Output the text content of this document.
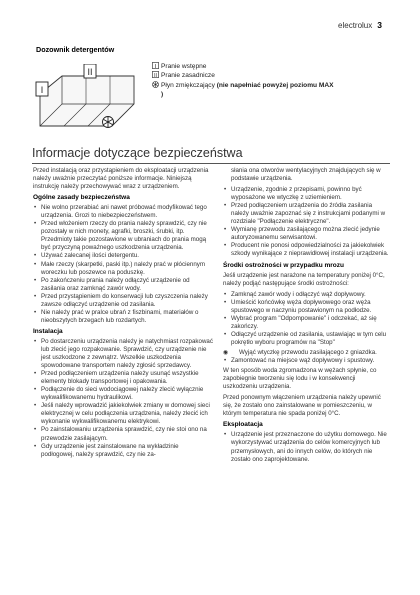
electrolux 3
Dozownik detergentów
I
II
I Pranie wstępne
II Pranie zasadnicze
Płyn zmiękczający (nie napełniać powyżej poziomu MAX
)
Informacje dotyczące bezpieczeństwa

Przed instalacją oraz przystąpieniem do eksploatacji urządzenia należy uważnie przeczytać poniższe informacje. Niniejszą instrukcję należy przechowywać wraz z urządzeniem.

Ogólne zasady bezpieczeństwa
• Nie wolno przerabiać ani nawet próbować modyfikować tego urządzenia. Grozi to niebezpieczeństwem.
• Przed włożeniem rzeczy do prania należy sprawdzić, czy nie pozostały w nich monety, agrafki, broszki, śrubki, itp. Przedmioty takie pozostawione w ubraniach do prania mogą być przyczyną poważnego uszkodzenia urządzenia.
• Używać zalecanej ilości detergentu.
• Małe rzeczy (skarpetki, paski itp.) należy prać w płóciennym woreczku lub poszewce na poduszkę.
• Po zakończeniu prania należy odłączyć urządzenie od zasilania oraz zamknąć zawór wody.
• Przed przystąpieniem do konserwacji lub czyszczenia należy zawsze odłączyć urządzenie od zasilania.
• Nie należy prać w pralce ubrań z fiszbinami, materiałów o nieobszytych brzegach lub rozdartych.
Instalacja
• Po dostarczeniu urządzenia należy je natychmiast rozpakować lub zlecić jego rozpakowanie. Sprawdzić, czy urządzenie nie jest uszkodzone z zewnątrz. Wszelkie uszkodzenia spowodowane transportem należy zgłosić sprzedawcy.
• Przed podłączeniem urządzenia należy usunąć wszystkie elementy blokady transportowej i opakowania.
• Podłączenie do sieci wodociągowej należy zlecić wyłącznie wykwalifikowanemu hydraulikowi.
• Jeśli należy wprowadzić jakiekolwiek zmiany w domowej sieci elektrycznej w celu podłączenia urządzenia, należy zlecić ich wykonanie wykwalifikowanemu elektrykowi.
• Po zainstalowaniu urządzenia sprawdzić, czy nie stoi ono na przewodzie zasilającym.
• Gdy urządzenie jest zainstalowane na wykładzinie podłogowej, należy sprawdzić, czy nie za-

słania ona otworów wentylacyjnych znajdujących się w podstawie urządzenia.

• Urządzenie, zgodnie z przepisami, powinno być wyposażone we wtyczkę z uziemieniem.
• Przed podłączeniem urządzenia do źródła zasilania należy uważnie zapoznać się z instrukcjami podanymi w rozdziale "Podłączenie elektryczne".
• Wymianę przewodu zasilającego można zlecić jedynie autoryzowanemu serwisantowi.
• Producent nie ponosi odpowiedzialności za jakiekolwiek szkody wynikające z nieprawidłowej instalacji urządzenia.
Środki ostrożności w przypadku mrozu

Jeśli urządzenie jest narażone na temperatury poniżej 0°C, należy podjąć następujące środki ostrożności:

• Zamknąć zawór wody i odłączyć wąż dopływowy.
• Umieścić końcówkę węża dopływowego oraz węża spustowego w naczyniu postawionym na podłodze.
• Wybrać program "Odpompowanie" i odczekać, aż się zakończy.
• Odłączyć urządzenie od zasilania, ustawiając w tym celu pokrętło wyboru programów na "Stop"
• ◉	Wyjąć wtyczkę przewodu zasilającego z gniazdka.
• Zamontować na miejsce wąż dopływowy i spustowy.

W ten sposób woda zgromadzona w wężach spłynie, co zapobiegnie tworzeniu się lodu i w konsekwencji uszkodzeniu urządzenia.

Przed ponownym włączeniem urządzenia należy upewnić się, że zostało ono zainstalowane w pomieszczeniu, w którym temperatura nie spada poniżej 0°C.

Eksploatacja
• Urządzenie jest przeznaczone do użytku domowego. Nie wykorzystywać urządzenia do celów komercyjnych lub przemysłowych, ani do innych celów, do których nie zostało ono zaprojektowane.
